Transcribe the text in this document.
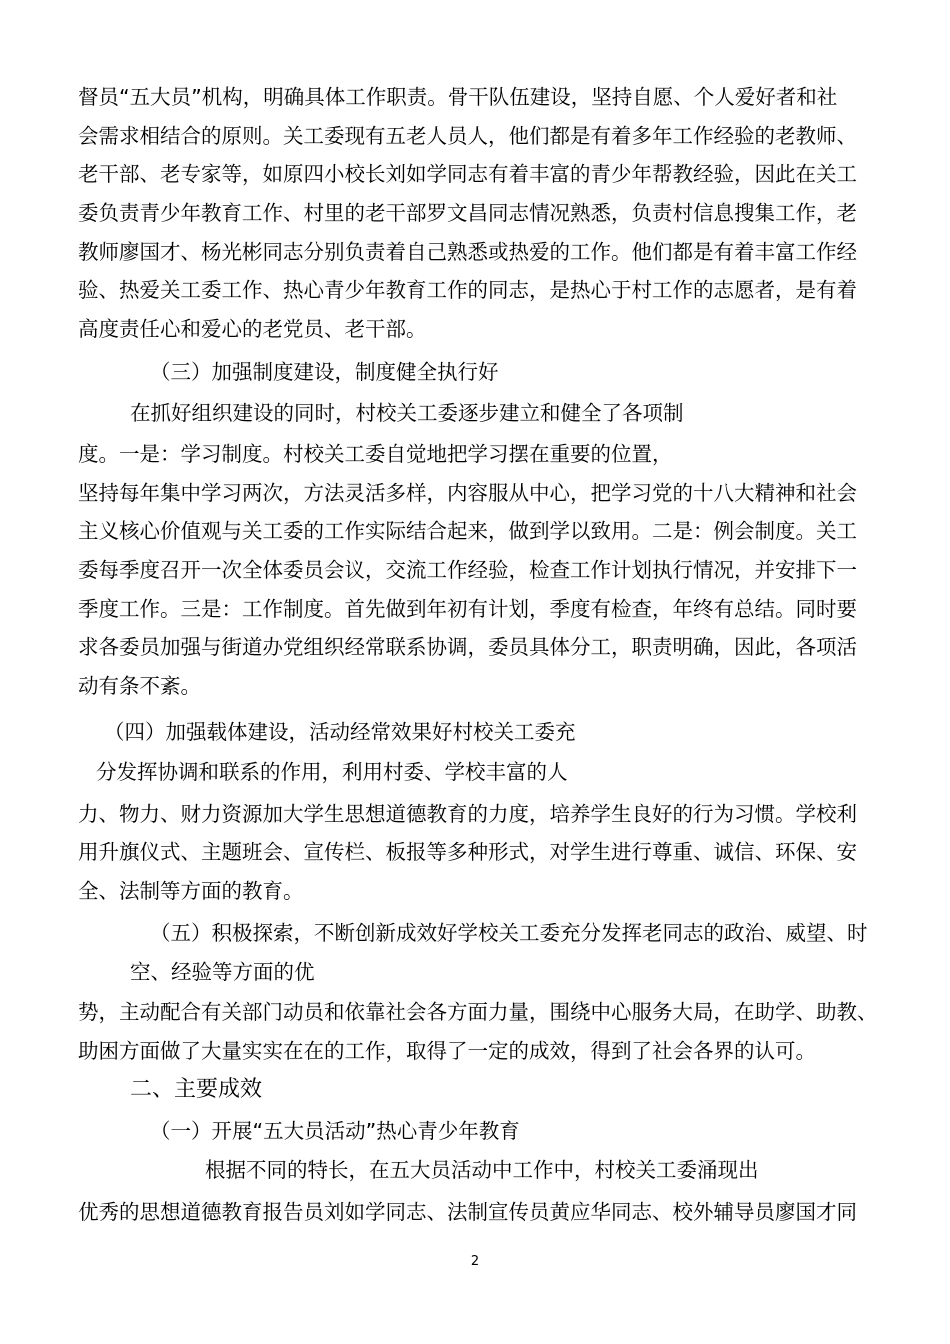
督员“五大员”机构，明确具体工作职责。骨干队伍建设，坚持自愿、个人爱好者和社
会需求相结合的原则。关工委现有五老人员人，他们都是有着多年工作经验的老教师、
老干部、老专家等，如原四小校长刘如学同志有着丰富的青少年帮教经验，因此在关工
委负责青少年教育工作、村里的老干部罗文昌同志情况熟悉，负责村信息搜集工作，老
教师廖国才、杨光彬同志分别负责着自己熟悉或热爱的工作。他们都是有着丰富工作经
验、热爱关工委工作、热心青少年教育工作的同志，是热心于村工作的志愿者，是有着
高度责任心和爱心的老党员、老干部。
（三）加强制度建设，制度健全执行好
在抓好组织建设的同时，村校关工委逐步建立和健全了各项制
度。一是：学习制度。村校关工委自觉地把学习摆在重要的位置，
坚持每年集中学习两次，方法灵活多样，内容服从中心，把学习党的十八大精神和社会
主义核心价值观与关工委的工作实际结合起来，做到学以致用。二是：例会制度。关工
委每季度召开一次全体委员会议，交流工作经验，检查工作计划执行情况，并安排下一
季度工作。三是：工作制度。首先做到年初有计划，季度有检查，年终有总结。同时要
求各委员加强与街道办党组织经常联系协调，委员具体分工，职责明确，因此，各项活
动有条不紊。
（四）加强载体建设，活动经常效果好村校关工委充
分发挥协调和联系的作用，利用村委、学校丰富的人
力、物力、财力资源加大学生思想道德教育的力度，培养学生良好的行为习惯。学校利
用升旗仪式、主题班会、宣传栏、板报等多种形式，对学生进行尊重、诚信、环保、安
全、法制等方面的教育。
（五）积极探索，不断创新成效好学校关工委充分发挥老同志的政治、威望、时
空、经验等方面的优
势，主动配合有关部门动员和依靠社会各方面力量，围绕中心服务大局，在助学、助教、
助困方面做了大量实实在在的工作，取得了一定的成效，得到了社会各界的认可。
二、主要成效
（一）开展“五大员活动”热心青少年教育
根据不同的特长，在五大员活动中工作中，村校关工委涌现出
优秀的思想道德教育报告员刘如学同志、法制宣传员黄应华同志、校外辅导员廖国才同
2
